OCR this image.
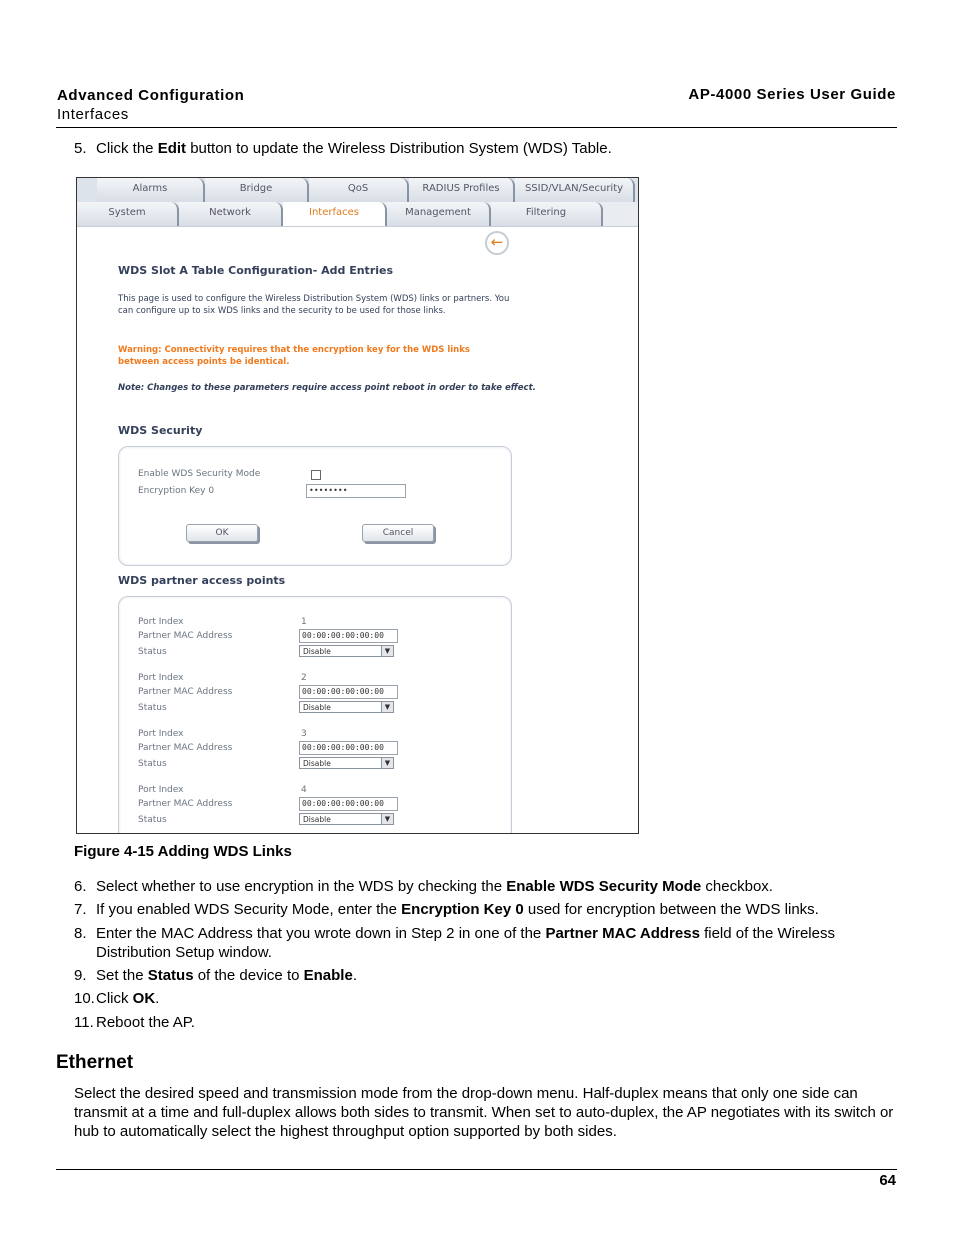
Advanced Configuration
Interfaces
AP-4000 Series User Guide
5. Click the Edit button to update the Wireless Distribution System (WDS) Table.
Alarms	Bridge	QoS	RADIUS Profiles	SSID/VLAN/Security
System	Network	Interfaces	Management	Filtering
←
WDS Slot A Table Configuration- Add Entries
This page is used to configure the Wireless Distribution System (WDS) links or partners. You can configure up to six WDS links and the security to be used for those links.
Warning: Connectivity requires that the encryption key for the WDS links between access points be identical.
Note: Changes to these parameters require access point reboot in order to take effect.
WDS Security
Enable WDS Security Mode
Encryption Key 0	••••••••
OK	Cancel
WDS partner access points
Port Index	1
Partner MAC Address	00:00:00:00:00:00
Status	Disable	▼
Port Index	2
Partner MAC Address	00:00:00:00:00:00
Status	Disable	▼
Port Index	3
Partner MAC Address	00:00:00:00:00:00
Status	Disable	▼
Port Index	4
Partner MAC Address	00:00:00:00:00:00
Status	Disable	▼
Figure 4-15 Adding WDS Links
6. Select whether to use encryption in the WDS by checking the Enable WDS Security Mode checkbox.
7. If you enabled WDS Security Mode, enter the Encryption Key 0 used for encryption between the WDS links.
8. Enter the MAC Address that you wrote down in Step 2 in one of the Partner MAC Address field of the Wireless Distribution Setup window.
9. Set the Status of the device to Enable.
10. Click OK.
11. Reboot the AP.
Ethernet
Select the desired speed and transmission mode from the drop-down menu. Half-duplex means that only one side can transmit at a time and full-duplex allows both sides to transmit. When set to auto-duplex, the AP negotiates with its switch or hub to automatically select the highest throughput option supported by both sides.
64
